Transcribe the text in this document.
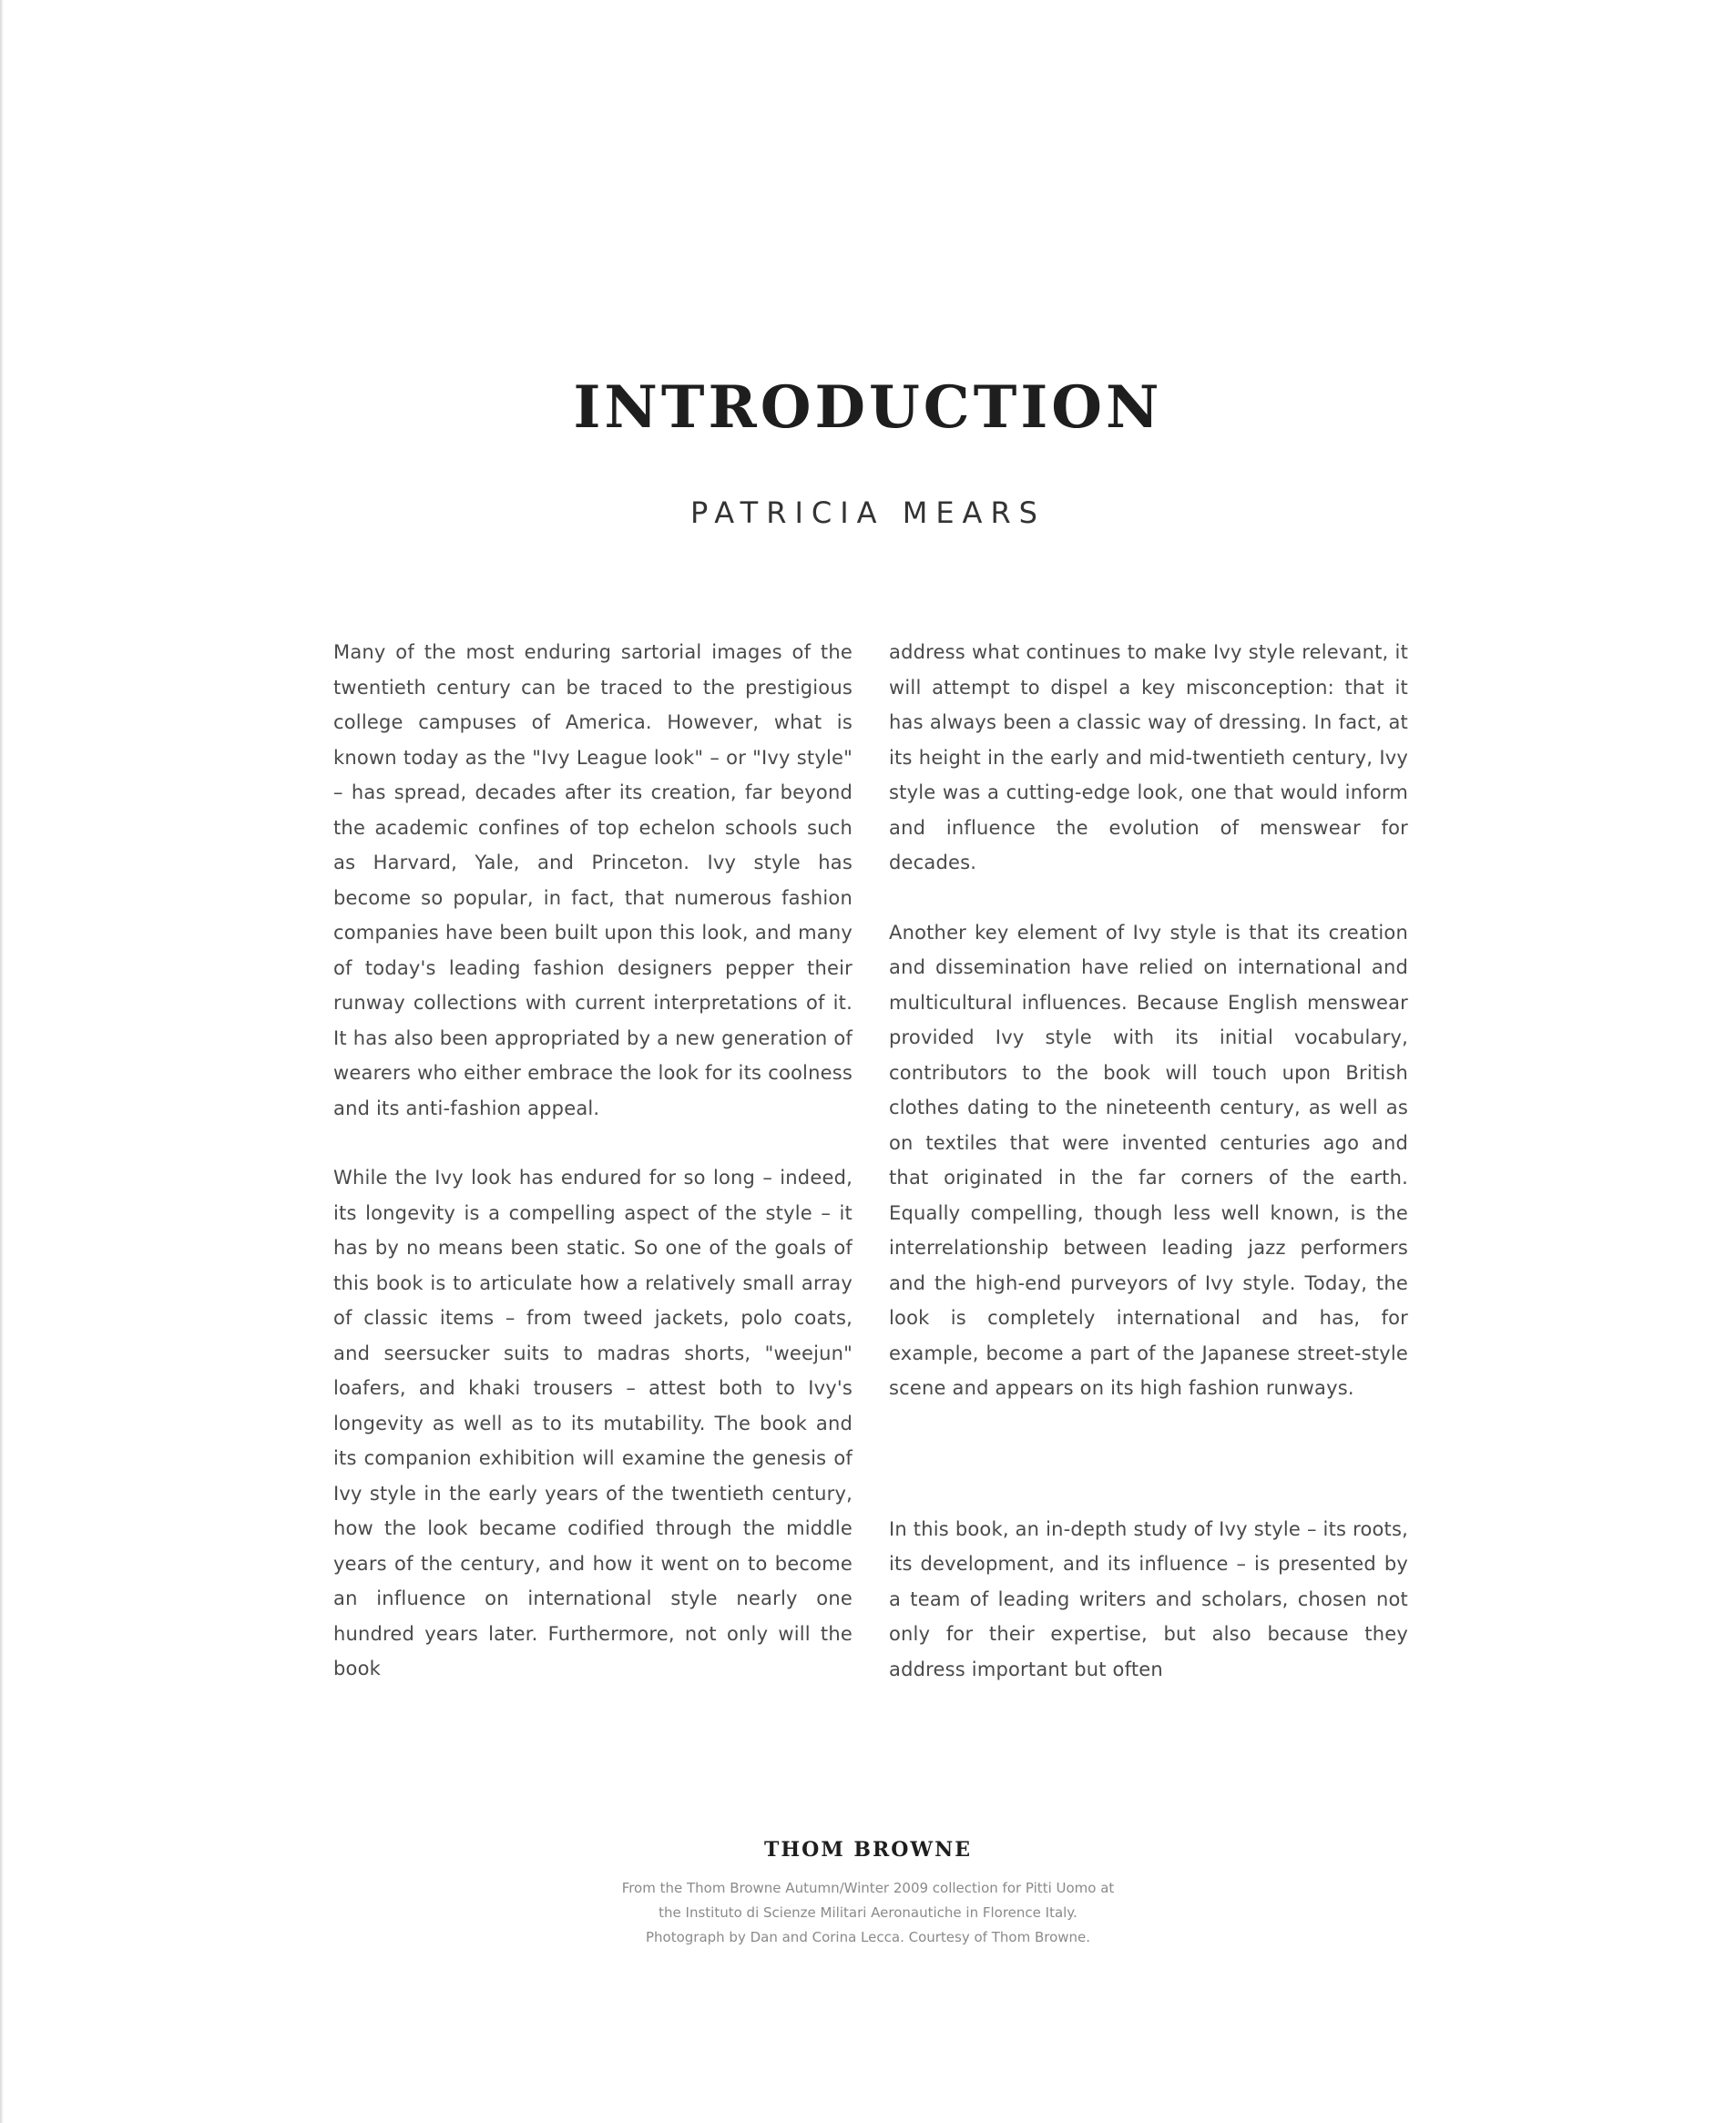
INTRODUCTION
PATRICIA MEARS

Many of the most enduring sartorial images of the twentieth century can be traced to the prestigious college campuses of America. However, what is known today as the "Ivy League look" – or "Ivy style" – has spread, decades after its creation, far beyond the academic confines of top echelon schools such as Harvard, Yale, and Princeton. Ivy style has become so popular, in fact, that numerous fashion companies have been built upon this look, and many of today's leading fashion designers pepper their runway collections with current interpretations of it. It has also been appropriated by a new generation of wearers who either embrace the look for its coolness and its anti-fashion appeal.

While the Ivy look has endured for so long – indeed, its longevity is a compelling aspect of the style – it has by no means been static. So one of the goals of this book is to articulate how a relatively small array of classic items – from tweed jackets, polo coats, and seersucker suits to madras shorts, "weejun" loafers, and khaki trousers – attest both to Ivy's longevity as well as to its mutability. The book and its companion exhibition will examine the genesis of Ivy style in the early years of the twentieth century, how the look became codified through the middle years of the century, and how it went on to become an influence on international style nearly one hundred years later. Furthermore, not only will the book

address what continues to make Ivy style relevant, it will attempt to dispel a key misconception: that it has always been a classic way of dressing. In fact, at its height in the early and mid-twentieth century, Ivy style was a cutting-edge look, one that would inform and influence the evolution of menswear for decades.

Another key element of Ivy style is that its creation and dissemination have relied on international and multicultural influences. Because English menswear provided Ivy style with its initial vocabulary, contributors to the book will touch upon British clothes dating to the nineteenth century, as well as on textiles that were invented centuries ago and that originated in the far corners of the earth. Equally compelling, though less well known, is the interrelationship between leading jazz performers and the high-end purveyors of Ivy style. Today, the look is completely international and has, for example, become a part of the Japanese street-style scene and appears on its high fashion runways.

In this book, an in-depth study of Ivy style – its roots, its development, and its influence – is presented by a team of leading writers and scholars, chosen not only for their expertise, but also because they address important but often

THOM BROWNE
From the Thom Browne Autumn/Winter 2009 collection for Pitti Uomo at the Instituto di Scienze Militari Aeronautiche in Florence Italy. Photograph by Dan and Corina Lecca. Courtesy of Thom Browne.
